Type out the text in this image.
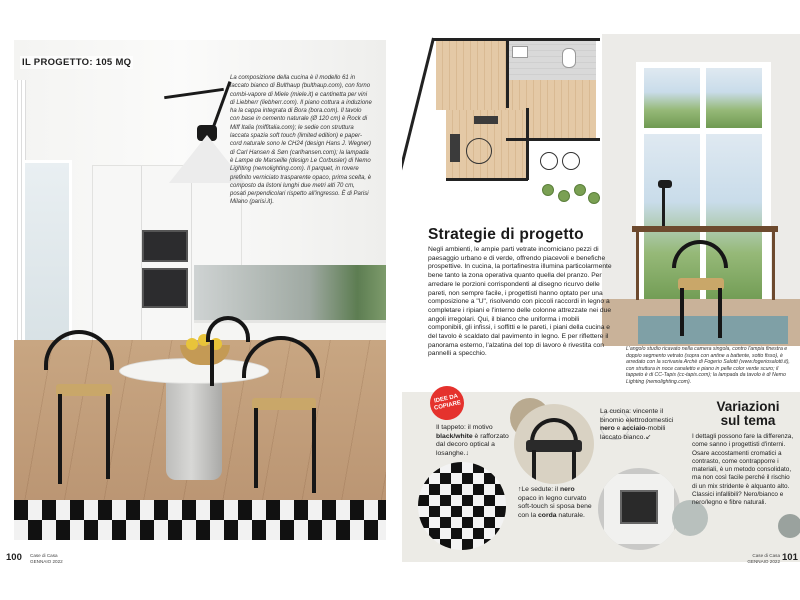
IL PROGETTO: 105 MQ
La composizione della cucina è il modello 61 in laccato bianco di Bulthaup (bulthaup.com), con forno combi-vapore di Miele (miele.it) e cantinetta per vini di Liebherr (liebherr.com). Il piano cottura a induzione ha la cappa integrata di Bora (bora.com). Il tavolo con base in cemento naturale (Ø 120 cm) è Rock di Miff Italia (miffitalia.com); le sedie con struttura laccata spazia soft touch (limited edition) e paper-cord naturale sono le CH24 (design Hans J. Wegner) di Carl Hansen & Søn (carlhansen.com); la lampada è Lampe de Marseille (design Le Corbusier) di Nemo Lighting (nemolighting.com). Il parquet, in rovere prefinito verniciato trasparente opaco, prima scelta, è composto da listoni lunghi due metri alti 70 cm, posati perpendicolari rispetto all'ingresso. È di Parisi Milano (parisi.it).
100 Case di Casa
GENNAIO 2022
Strategie di progetto
Negli ambienti, le ampie parti vetrate incorniciano pezzi di paesaggio urbano e di verde, offrendo piacevoli e benefiche prospettive. In cucina, la portafinestra illumina particolarmente bene tanto la zona operativa quanto quella del pranzo. Per arredare le porzioni corrispondenti al disegno ricurvo delle pareti, non sempre facile, i progettisti hanno optato per una composizione a "U", risolvendo con piccoli raccordi in legno a completare i ripiani e l'interno delle colonne attrezzate nei due angoli irregolari. Qui, il bianco che uniforma i mobili componibili, gli infissi, i soffitti e le pareti, i piani della cucina e del tavolo è scaldato dal pavimento in legno. E per riflettere il panorama esterno, l'alzatina del top di lavoro è rivestita con pannelli a specchio.
L'angolo studio ricavato nella camera singola, contro l'ampia finestra e doppio segmento vetrato (sopra con antine a battente, sotto fisso), è arredato con la scrivania Archè di Fogerio Salotti (www.fogeriosalotti.it), con struttura in noce canaletto e piano in pelle color verde scuro; il tappeto è di CC-Tapis (cc-tapis.com); la lampada da tavolo è di Nemo Lighting (nemolighting.com).
IDEE DA COPIARE
Il tappeto: il motivo black/white è rafforzato dal decoro optical a losanghe.↓
↑Le sedute: il nero opaco in legno curvato soft-touch si sposa bene con la corda naturale.
La cucina: vincente il binomio elettrodomestici nero e acciaio-mobili laccato bianco.↙
Variazioni
sul tema
I dettagli possono fare la differenza, come sanno i progettisti d'interni. Osare accostamenti cromatici a contrasto, come contrapporre i materiali, è un metodo consolidato, ma non così facile perché il rischio di un mix stridente è alquanto alto. Classici infallibili? Nero/bianco e nero/legno e fibre naturali.
Case di Casa
GENNAIO 2022 101
